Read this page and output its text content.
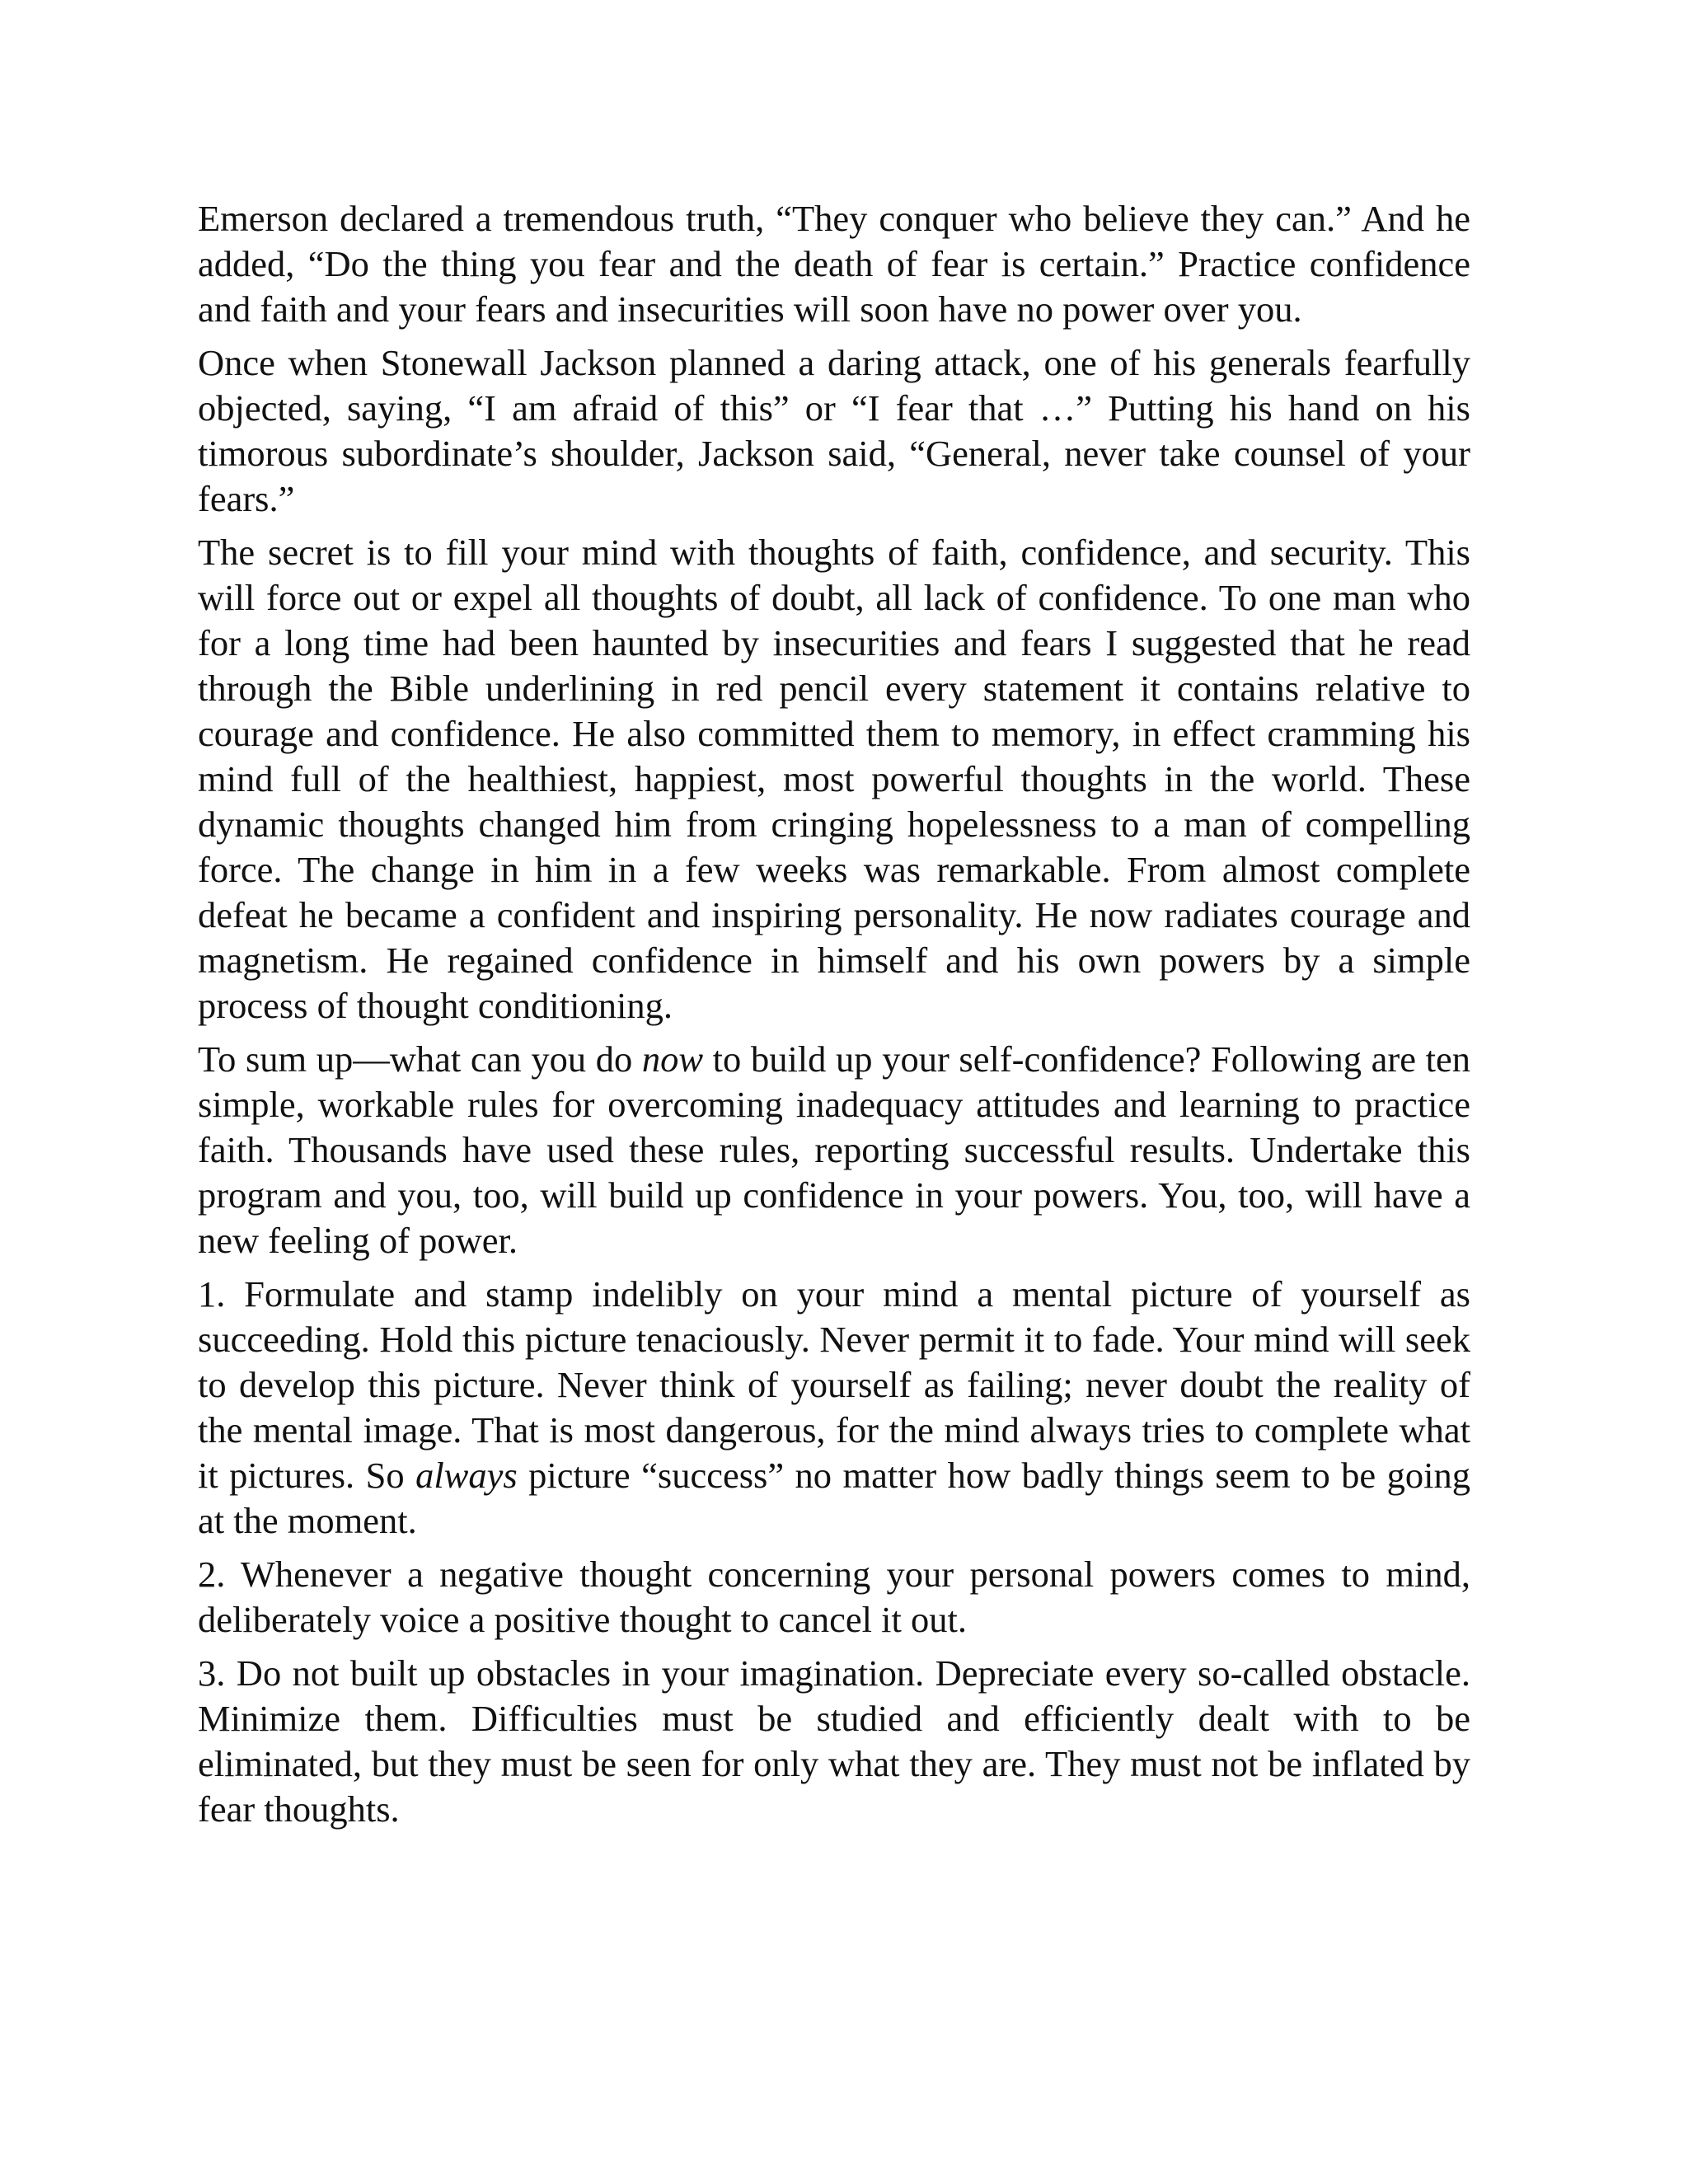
Emerson declared a tremendous truth, “They conquer who believe they can.” And he added, “Do the thing you fear and the death of fear is certain.” Practice confidence and faith and your fears and insecurities will soon have no power over you.

Once when Stonewall Jackson planned a daring attack, one of his generals fearfully objected, saying, “I am afraid of this” or “I fear that …” Putting his hand on his timorous subordinate’s shoulder, Jackson said, “General, never take counsel of your fears.”

The secret is to fill your mind with thoughts of faith, confidence, and security. This will force out or expel all thoughts of doubt, all lack of confidence. To one man who for a long time had been haunted by insecurities and fears I suggested that he read through the Bible underlining in red pencil every statement it contains relative to courage and confidence. He also committed them to memory, in effect cramming his mind full of the healthiest, happiest, most powerful thoughts in the world. These dynamic thoughts changed him from cringing hopelessness to a man of compelling force. The change in him in a few weeks was remarkable. From almost complete defeat he became a confident and inspiring personality. He now radiates courage and magnetism. He regained confidence in himself and his own powers by a simple process of thought conditioning.

To sum up—what can you do now to build up your self-confidence? Following are ten simple, workable rules for overcoming inadequacy attitudes and learning to practice faith. Thousands have used these rules, reporting successful results. Undertake this program and you, too, will build up confidence in your powers. You, too, will have a new feeling of power.

1. Formulate and stamp indelibly on your mind a mental picture of yourself as succeeding. Hold this picture tenaciously. Never permit it to fade. Your mind will seek to develop this picture. Never think of yourself as failing; never doubt the reality of the mental image. That is most dangerous, for the mind always tries to complete what it pictures. So always picture “success” no matter how badly things seem to be going at the moment.

2. Whenever a negative thought concerning your personal powers comes to mind, deliberately voice a positive thought to cancel it out.

3. Do not built up obstacles in your imagination. Depreciate every so-called obstacle. Minimize them. Difficulties must be studied and efficiently dealt with to be eliminated, but they must be seen for only what they are. They must not be inflated by fear thoughts.
